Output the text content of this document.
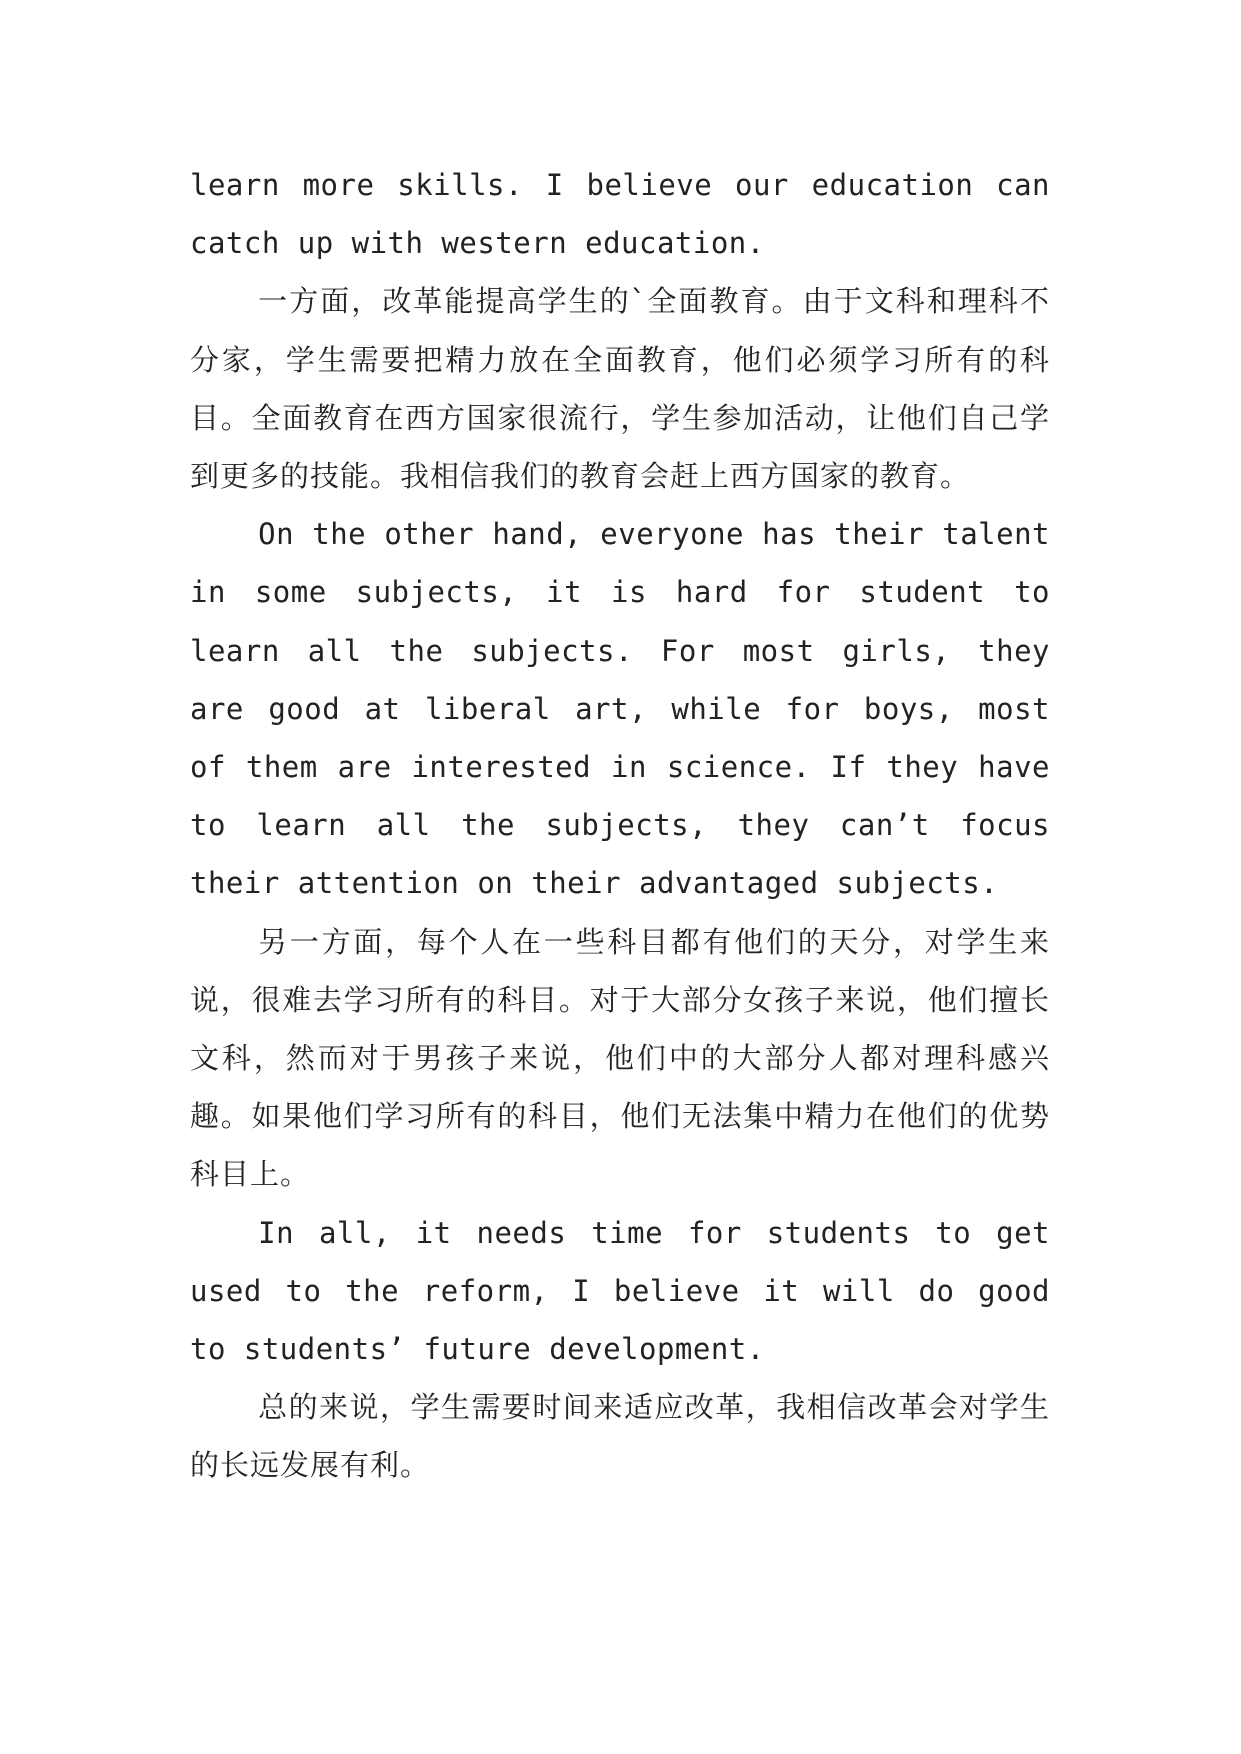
learn more skills. I believe our education can catch up with western education.

一方面，改革能提高学生的`全面教育。由于文科和理科不分家，学生需要把精力放在全面教育，他们必须学习所有的科目。全面教育在西方国家很流行，学生参加活动，让他们自己学到更多的技能。我相信我们的教育会赶上西方国家的教育。

On the other hand, everyone has their talent in some subjects, it is hard for student to learn all the subjects. For most girls, they are good at liberal art, while for boys, most of them are interested in science. If they have to learn all the subjects, they can’t focus their attention on their advantaged subjects.

另一方面，每个人在一些科目都有他们的天分，对学生来说，很难去学习所有的科目。对于大部分女孩子来说，他们擅长文科，然而对于男孩子来说，他们中的大部分人都对理科感兴 趣。如果他们学习所有的科目，他们无法集中精力在他们的优势科目上。

In all, it needs time for students to get used to the reform, I believe it will do good to students’ future development.

总的来说，学生需要时间来适应改革，我相信改革会对学生的长远发展有利。
